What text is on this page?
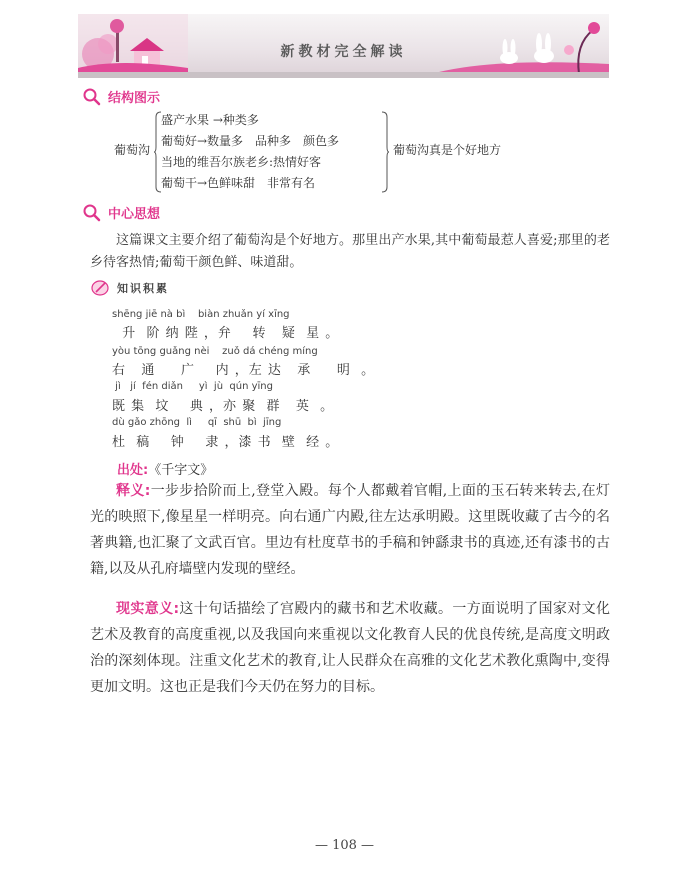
新教材完全解读
结构图示
葡萄沟
盛产水果 →种类多
葡萄好→数量多　品种多　颜色多
当地的维吾尔族老乡:热情好客
葡萄干→色鲜味甜　非常有名
葡萄沟真是个好地方
中心思想
这篇课文主要介绍了葡萄沟是个好地方。那里出产水果,其中葡萄最惹人喜爱;那里的老乡待客热情;葡萄干颜色鲜、味道甜。
知识积累
shēng jiē nà bì    biàn zhuǎn yí xīng
升  阶 纳 陛 ，弁    转   疑  星 。
yòu tōng guǎng nèi    zuǒ dá chéng míng
右   通     广    内 ，左 达   承     明  。
jì   jí  fén diǎn     yì  jù  qún yīng
既 集  坟    典 ，亦 聚  群   英  。
dù gǎo zhōng  lì     qī  shū  bì  jīng
杜  稿    钟    隶 ，漆 书  壁  经 。
出处:《千字文》
释义:一步步拾阶而上,登堂入殿。每个人都戴着官帽,上面的玉石转来转去,在灯光的映照下,像星星一样明亮。向右通广内殿,往左达承明殿。这里既收藏了古今的名著典籍,也汇聚了文武百官。里边有杜度草书的手稿和钟繇隶书的真迹,还有漆书的古籍,以及从孔府墙壁内发现的壁经。
现实意义:这十句话描绘了宫殿内的藏书和艺术收藏。一方面说明了国家对文化艺术及教育的高度重视,以及我国向来重视以文化教育人民的优良传统,是高度文明政治的深刻体现。注重文化艺术的教育,让人民群众在高雅的文化艺术教化熏陶中,变得更加文明。这也正是我们今天仍在努力的目标。
— 108 —
